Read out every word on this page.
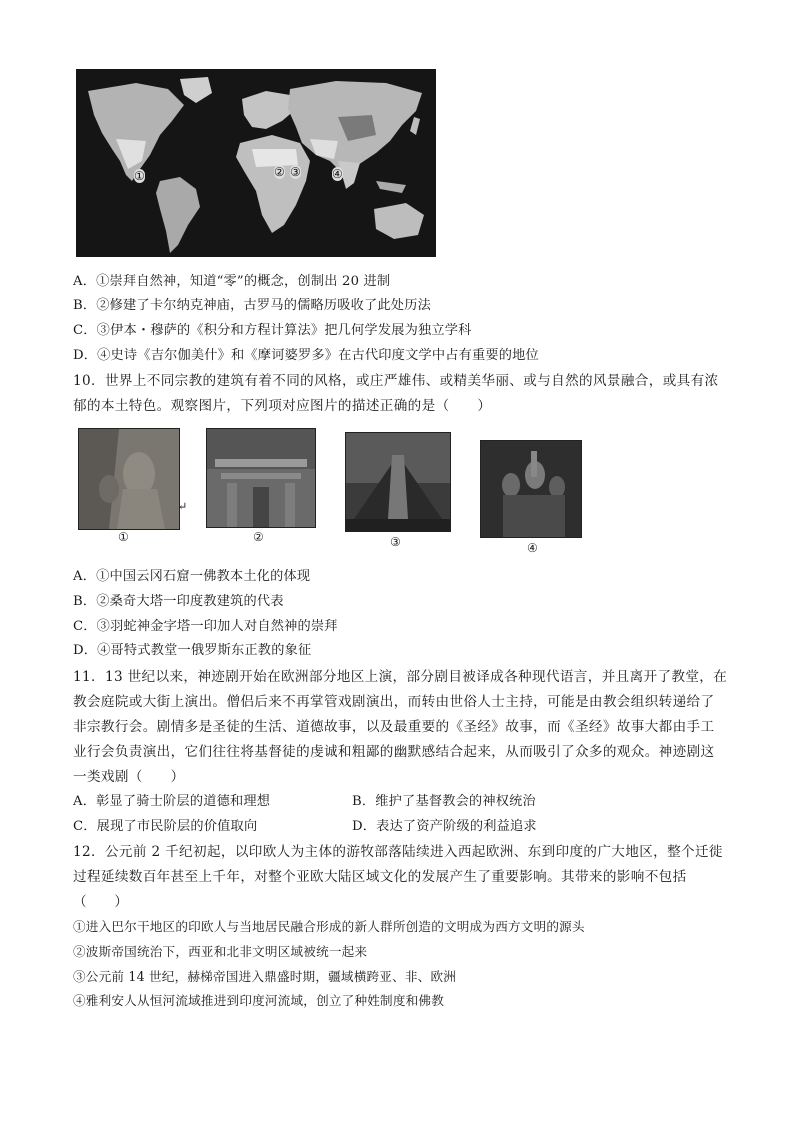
①	② ③	④
A．①崇拜自然神，知道“零”的概念，创制出 20 进制
B．②修建了卡尔纳克神庙，古罗马的儒略历吸收了此处历法
C．③伊本・穆萨的《积分和方程计算法》把几何学发展为独立学科
D．④史诗《吉尔伽美什》和《摩诃婆罗多》在古代印度文学中占有重要的地位
10．世界上不同宗教的建筑有着不同的风格，或庄严雄伟、或精美华丽、或与自然的风景融合，或具有浓
郁的本土特色。观察图片，下列项对应图片的描述正确的是（　　）
↵
①	②	③	④
A．①中国云冈石窟一佛教本土化的体现
B．②桑奇大塔一印度教建筑的代表
C．③羽蛇神金字塔一印加人对自然神的崇拜
D．④哥特式教堂一俄罗斯东正教的象征
11．13 世纪以来，神迹剧开始在欧洲部分地区上演，部分剧目被译成各种现代语言，并且离开了教堂，在
教会庭院或大街上演出。僧侣后来不再掌管戏剧演出，而转由世俗人士主持，可能是由教会组织转递给了
非宗教行会。剧情多是圣徒的生活、道德故事，以及最重要的《圣经》故事，而《圣经》故事大都由手工
业行会负责演出，它们往往将基督徒的虔诚和粗鄙的幽默感结合起来，从而吸引了众多的观众。神迹剧这
一类戏剧（　　）
A．彰显了骑士阶层的道德和理想	B．维护了基督教会的神权统治
C．展现了市民阶层的价值取向	D．表达了资产阶级的利益追求
12．公元前 2 千纪初起，以印欧人为主体的游牧部落陆续进入西起欧洲、东到印度的广大地区，整个迁徙
过程延续数百年甚至上千年，对整个亚欧大陆区域文化的发展产生了重要影响。其带来的影响不包括
（　　）
①进入巴尔干地区的印欧人与当地居民融合形成的新人群所创造的文明成为西方文明的源头
②波斯帝国统治下，西亚和北非文明区域被统一起来
③公元前 14 世纪，赫梯帝国进入鼎盛时期，疆域横跨亚、非、欧洲
④雅利安人从恒河流域推进到印度河流域，创立了种姓制度和佛教
